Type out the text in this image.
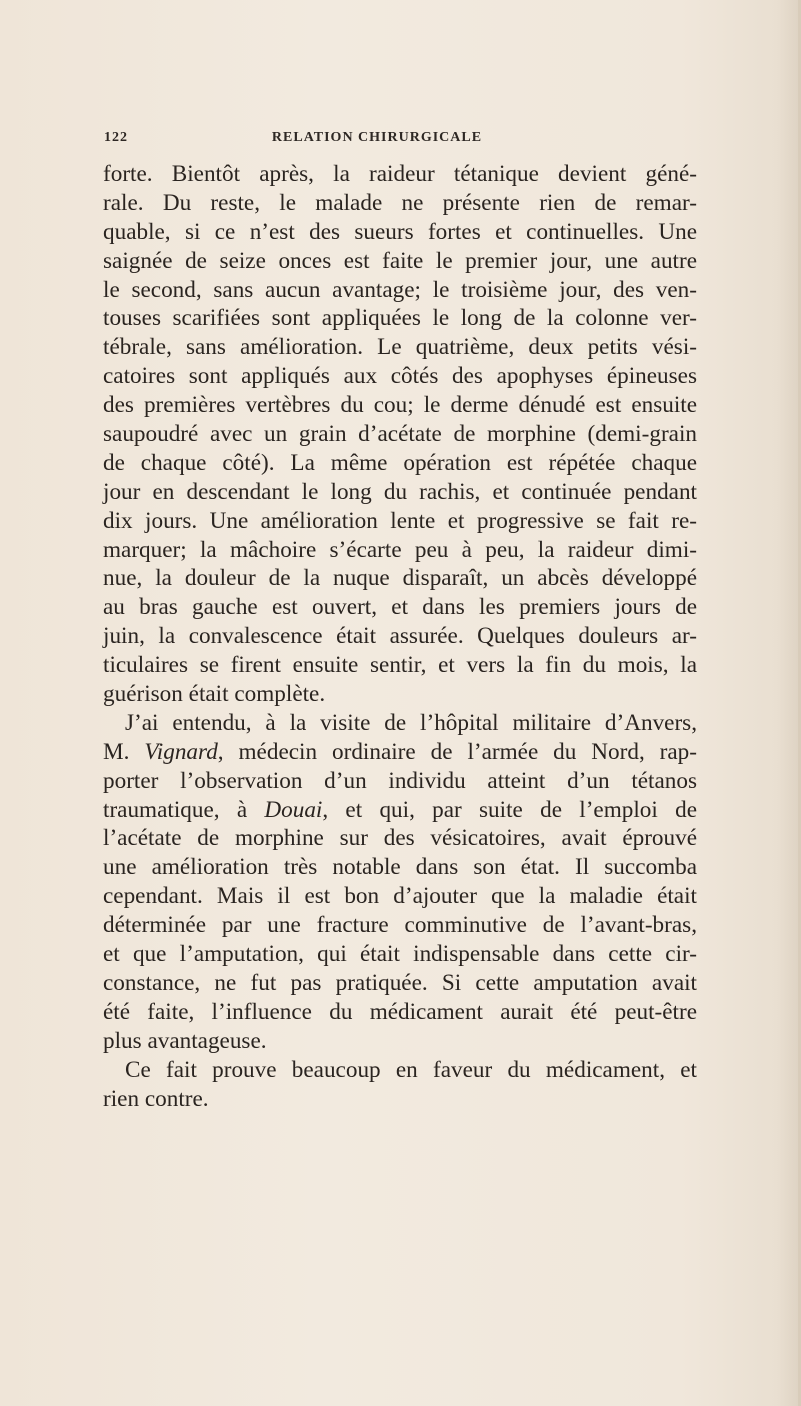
122	RELATION CHIRURGICALE
forte. Bientôt après, la raideur tétanique devient géné-
rale. Du reste, le malade ne présente rien de remar-
quable, si ce n’est des sueurs fortes et continuelles. Une
saignée de seize onces est faite le premier jour, une autre
le second, sans aucun avantage; le troisième jour, des ven-
touses scarifiées sont appliquées le long de la colonne ver-
tébrale, sans amélioration. Le quatrième, deux petits vési-
catoires sont appliqués aux côtés des apophyses épineuses
des premières vertèbres du cou; le derme dénudé est ensuite
saupoudré avec un grain d’acétate de morphine (demi-grain
de chaque côté). La même opération est répétée chaque
jour en descendant le long du rachis, et continuée pendant
dix jours. Une amélioration lente et progressive se fait re-
marquer; la mâchoire s’écarte peu à peu, la raideur dimi-
nue, la douleur de la nuque disparaît, un abcès développé
au bras gauche est ouvert, et dans les premiers jours de
juin, la convalescence était assurée. Quelques douleurs ar-
ticulaires se firent ensuite sentir, et vers la fin du mois, la
guérison était complète.
J’ai entendu, à la visite de l’hôpital militaire d’Anvers,
M. Vignard, médecin ordinaire de l’armée du Nord, rap-
porter l’observation d’un individu atteint d’un tétanos
traumatique, à Douai, et qui, par suite de l’emploi de
l’acétate de morphine sur des vésicatoires, avait éprouvé
une amélioration très notable dans son état. Il succomba
cependant. Mais il est bon d’ajouter que la maladie était
déterminée par une fracture comminutive de l’avant-bras,
et que l’amputation, qui était indispensable dans cette cir-
constance, ne fut pas pratiquée. Si cette amputation avait
été faite, l’influence du médicament aurait été peut-être
plus avantageuse.
Ce fait prouve beaucoup en faveur du médicament, et
rien contre.
